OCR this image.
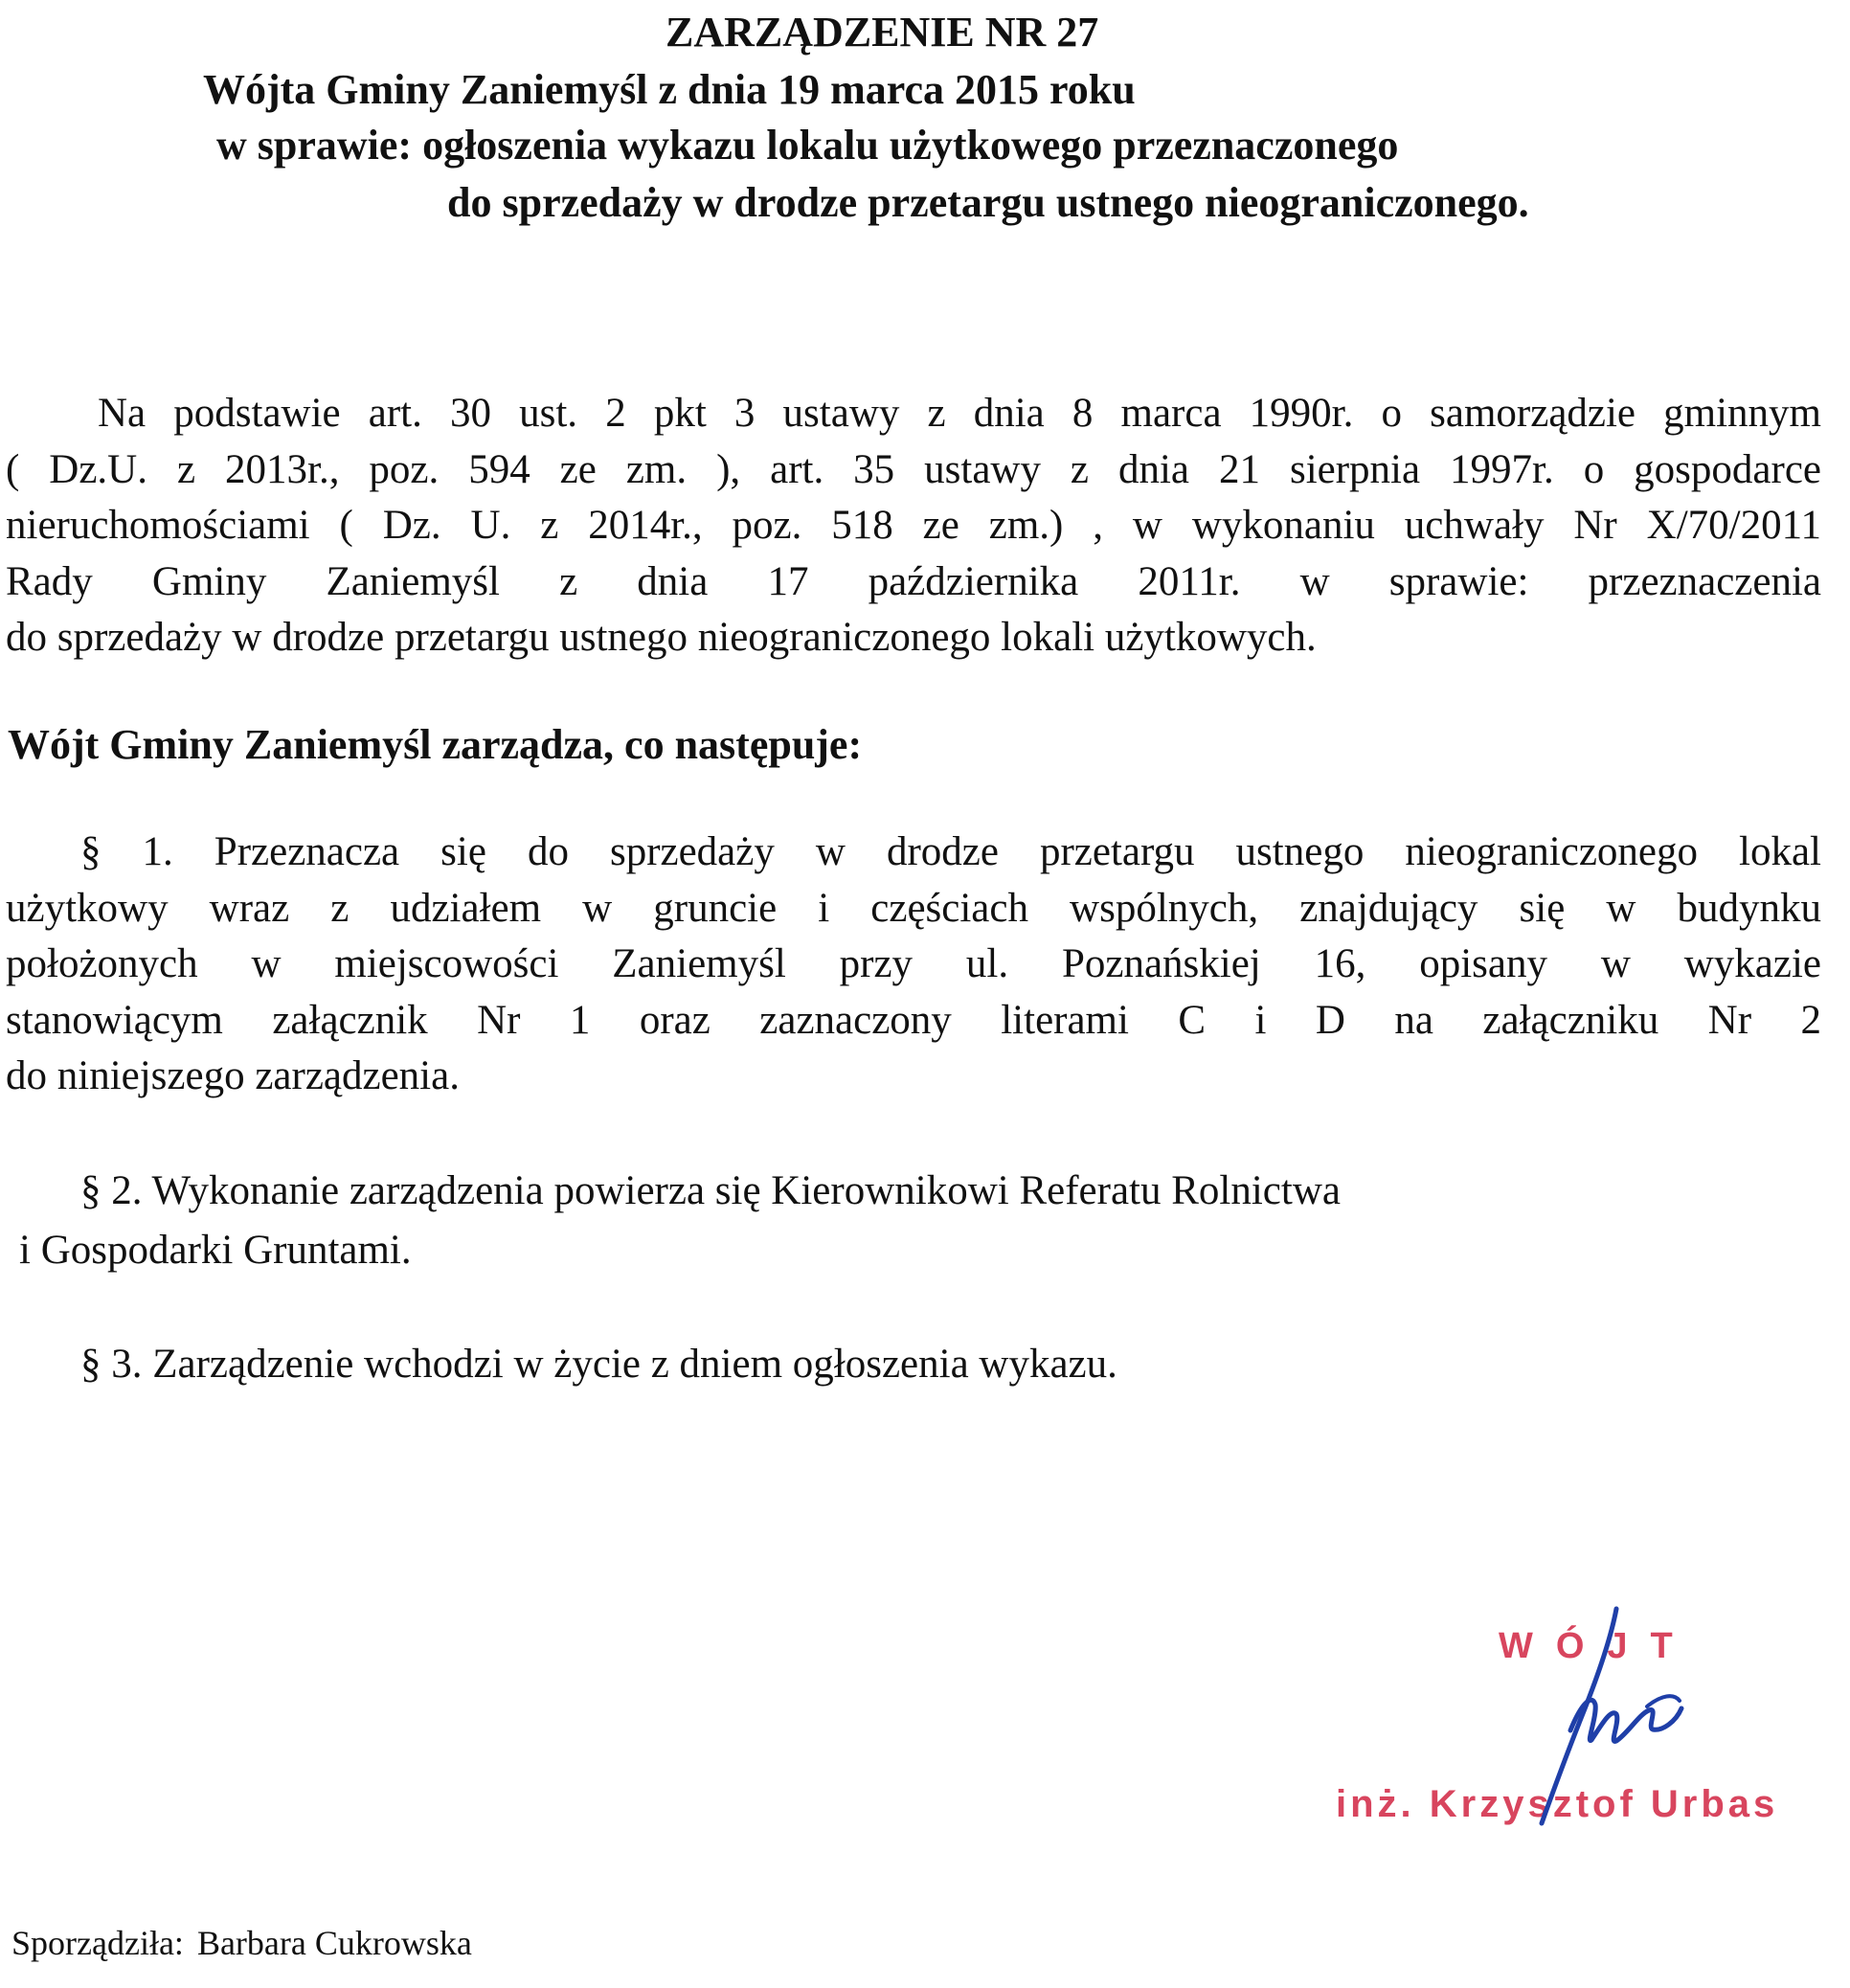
ZARZĄDZENIE NR 27
Wójta Gminy Zaniemyśl z dnia 19 marca 2015 roku
w sprawie: ogłoszenia wykazu lokalu użytkowego przeznaczonego
do sprzedaży w drodze przetargu ustnego nieograniczonego.
Na podstawie art. 30 ust. 2 pkt 3 ustawy z dnia 8 marca 1990r. o samorządzie gminnym
( Dz.U. z 2013r., poz. 594 ze zm. ), art. 35 ustawy z dnia 21 sierpnia 1997r. o gospodarce
nieruchomościami ( Dz. U. z 2014r., poz. 518 ze zm.) , w wykonaniu uchwały Nr X/70/2011
Rady Gminy Zaniemyśl z dnia 17 października 2011r. w sprawie: przeznaczenia
do sprzedaży w drodze przetargu ustnego nieograniczonego lokali użytkowych.
Wójt Gminy Zaniemyśl zarządza, co następuje:
§ 1. Przeznacza się do sprzedaży w drodze przetargu ustnego nieograniczonego lokal
użytkowy wraz z udziałem w gruncie i częściach wspólnych, znajdujący się w budynku
położonych w miejscowości Zaniemyśl przy ul. Poznańskiej 16, opisany w wykazie
stanowiącym załącznik Nr 1 oraz zaznaczony literami C i D na załączniku Nr 2
do niniejszego zarządzenia.
§ 2. Wykonanie zarządzenia powierza się Kierownikowi Referatu Rolnictwa
i Gospodarki Gruntami.
§ 3. Zarządzenie wchodzi w życie z dniem ogłoszenia wykazu.
WÓJT
inż. Krzysztof Urbas
Sporządziła: Barbara Cukrowska
